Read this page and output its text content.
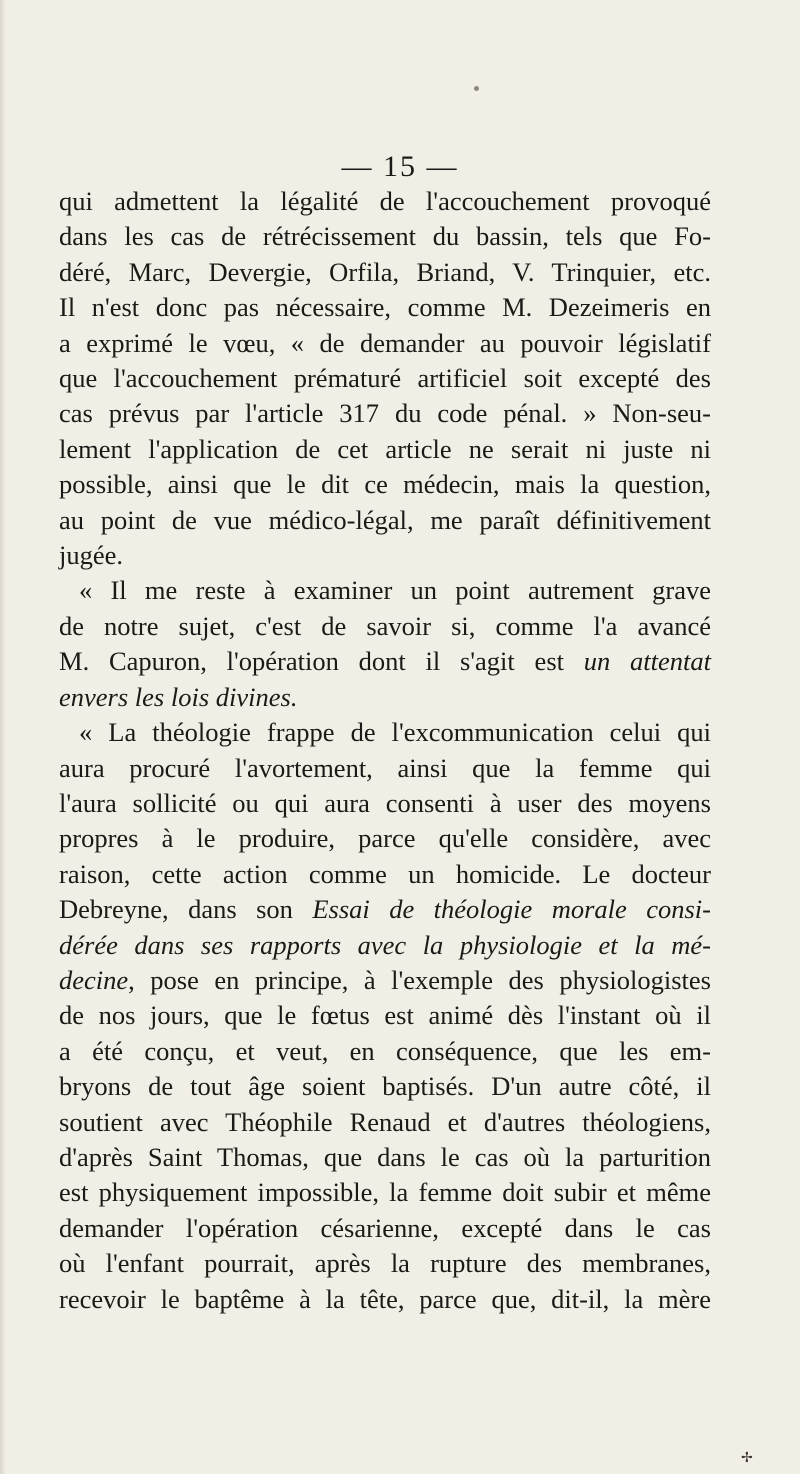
— 15 —
qui admettent la légalité de l'accouchement provoqué
dans les cas de rétrécissement du bassin, tels que Fo-
déré, Marc, Devergie, Orfila, Briand, V. Trinquier, etc.
Il n'est donc pas nécessaire, comme M. Dezeimeris en
a exprimé le vœu, « de demander au pouvoir législatif
que l'accouchement prématuré artificiel soit excepté des
cas prévus par l'article 317 du code pénal. » Non-seu-
lement l'application de cet article ne serait ni juste ni
possible, ainsi que le dit ce médecin, mais la question,
au point de vue médico-légal, me paraît définitivement
jugée.
« Il me reste à examiner un point autrement grave
de notre sujet, c'est de savoir si, comme l'a avancé
M. Capuron, l'opération dont il s'agit est un attentat
envers les lois divines.
« La théologie frappe de l'excommunication celui qui
aura procuré l'avortement, ainsi que la femme qui
l'aura sollicité ou qui aura consenti à user des moyens
propres à le produire, parce qu'elle considère, avec
raison, cette action comme un homicide. Le docteur
Debreyne, dans son Essai de théologie morale consi-
dérée dans ses rapports avec la physiologie et la mé-
decine, pose en principe, à l'exemple des physiologistes
de nos jours, que le fœtus est animé dès l'instant où il
a été conçu, et veut, en conséquence, que les em-
bryons de tout âge soient baptisés. D'un autre côté, il
soutient avec Théophile Renaud et d'autres théologiens,
d'après Saint Thomas, que dans le cas où la parturition
est physiquement impossible, la femme doit subir et même
demander l'opération césarienne, excepté dans le cas
où l'enfant pourrait, après la rupture des membranes,
recevoir le baptême à la tête, parce que, dit-il, la mère
✢
